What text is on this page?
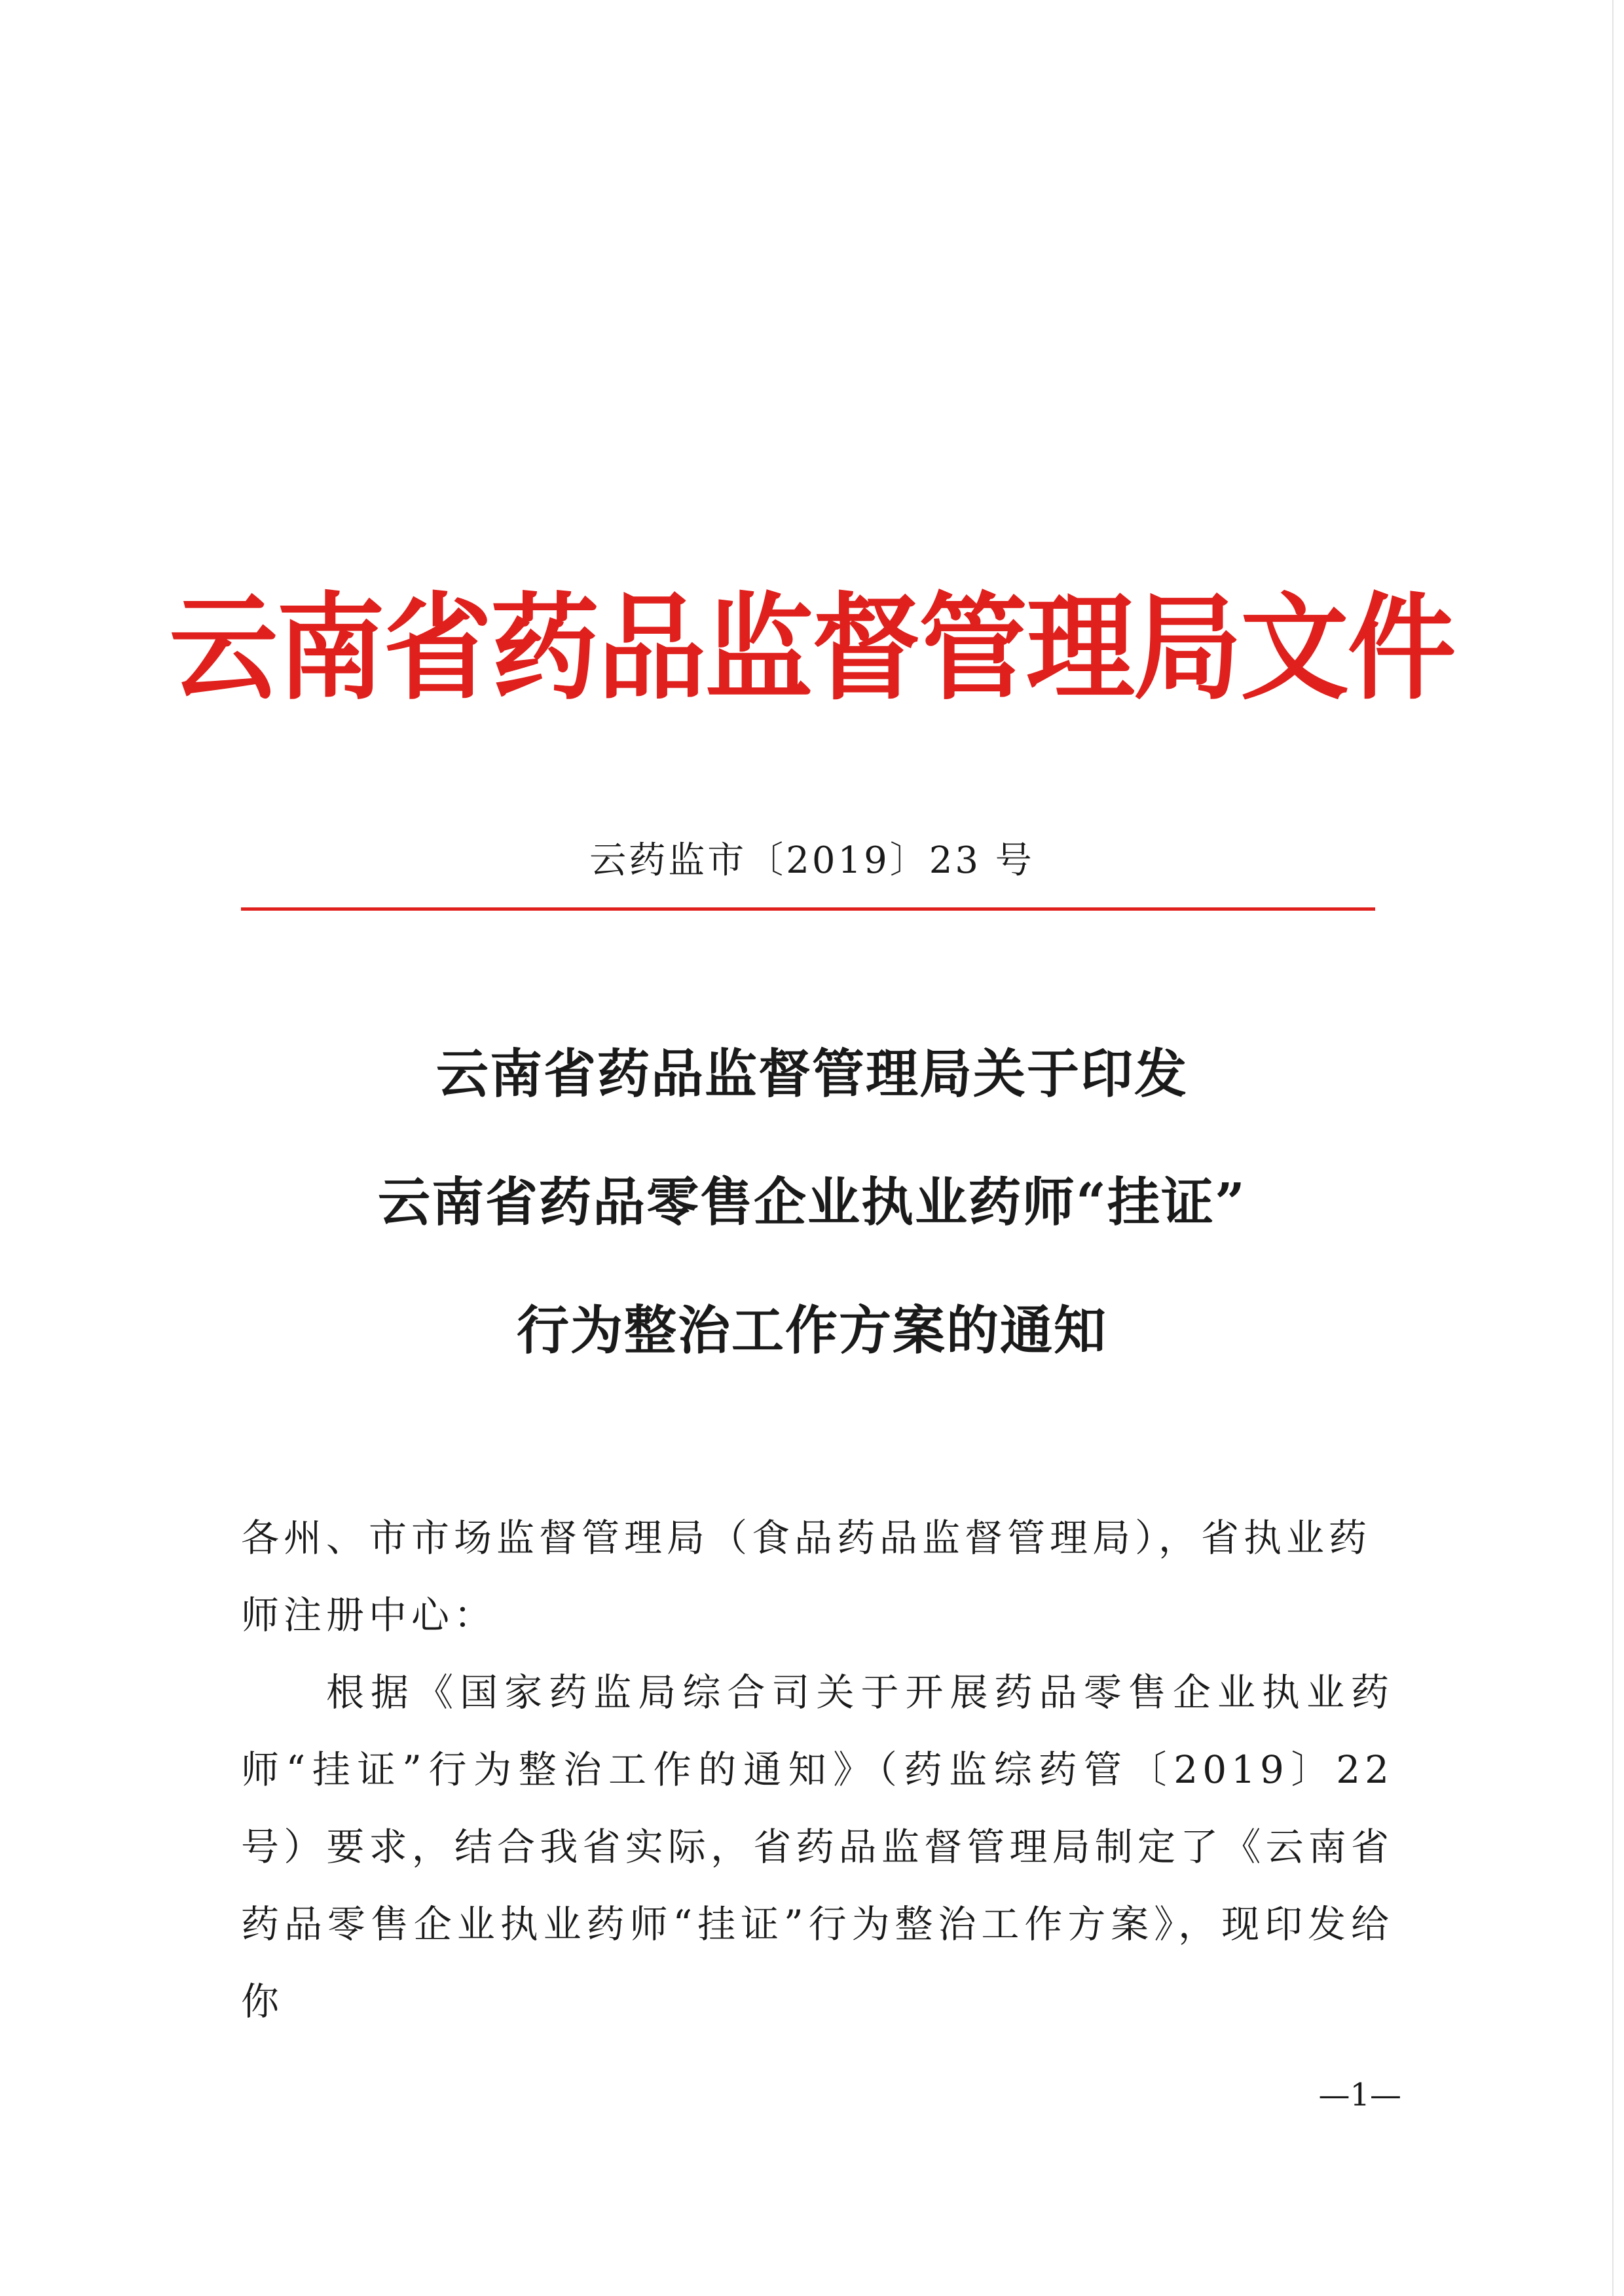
云南省药品监督管理局文件
云药监市〔2019〕23 号
云南省药品监督管理局关于印发
云南省药品零售企业执业药师“挂证”
行为整治工作方案的通知

各州、市市场监督管理局（食品药品监督管理局），省执业药师注册中心：

根据《国家药监局综合司关于开展药品零售企业执业药师“挂证”行为整治工作的通知》（药监综药管〔2019〕22 号）要求，结合我省实际，省药品监督管理局制定了《云南省药品零售企业执业药师“挂证”行为整治工作方案》，现印发给你

—1—
